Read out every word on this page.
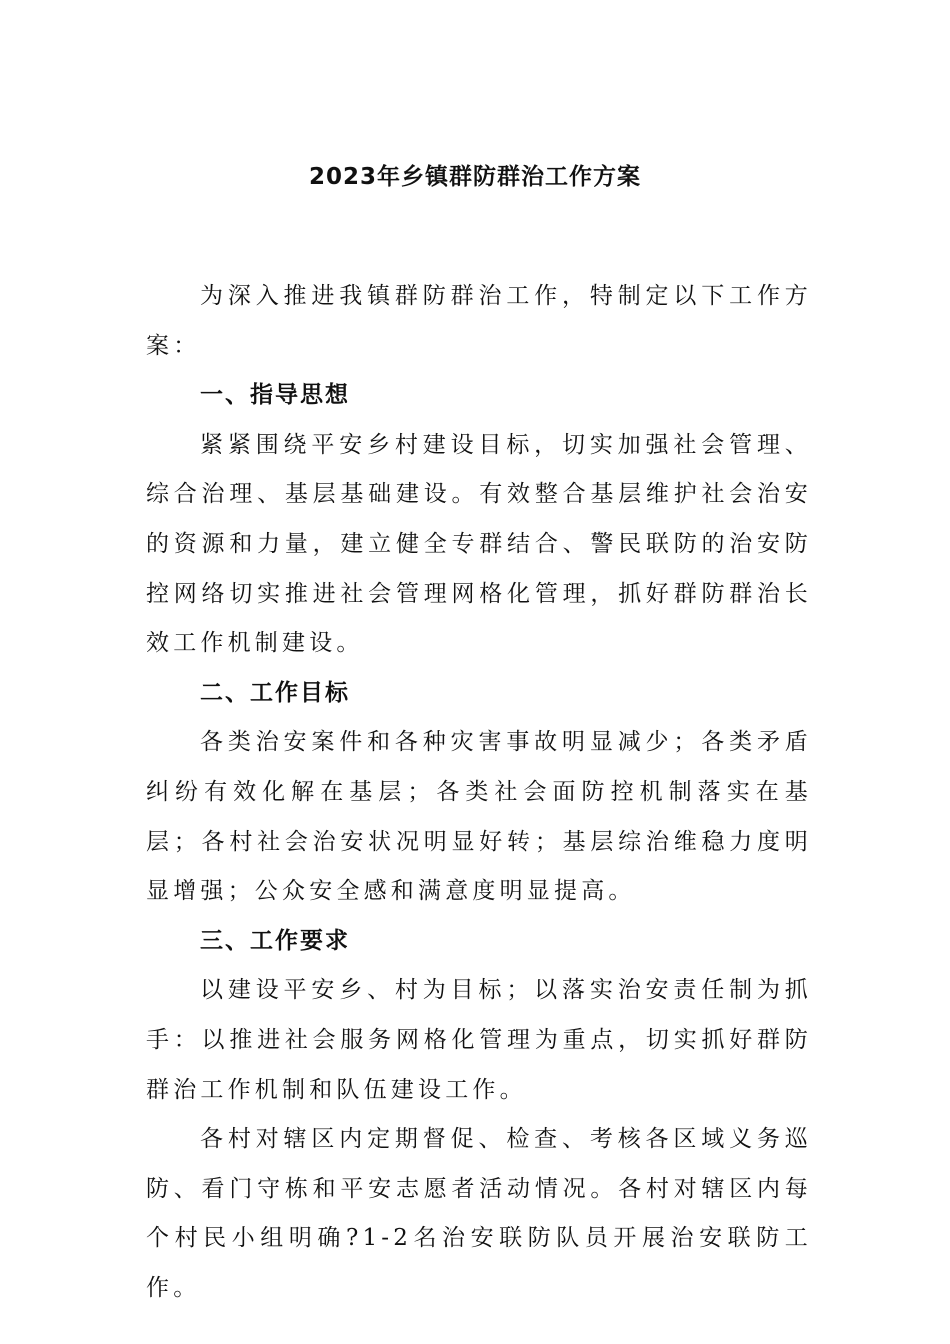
2023年乡镇群防群治工作方案

为深入推进我镇群防群治工作，特制定以下工作方案：

一、指导思想

紧紧围绕平安乡村建设目标，切实加强社会管理、综合治理、基层基础建设。有效整合基层维护社会治安的资源和力量，建立健全专群结合、警民联防的治安防控网络切实推进社会管理网格化管理，抓好群防群治长效工作机制建设。

二、工作目标

各类治安案件和各种灾害事故明显减少；各类矛盾纠纷有效化解在基层；各类社会面防控机制落实在基层；各村社会治安状况明显好转；基层综治维稳力度明显增强；公众安全感和满意度明显提高。

三、工作要求

以建设平安乡、村为目标；以落实治安责任制为抓手：以推进社会服务网格化管理为重点，切实抓好群防群治工作机制和队伍建设工作。

各村对辖区内定期督促、检查、考核各区域义务巡防、看门守栋和平安志愿者活动情况。各村对辖区内每个村民小组明确?1-2名治安联防队员开展治安联防工作。
